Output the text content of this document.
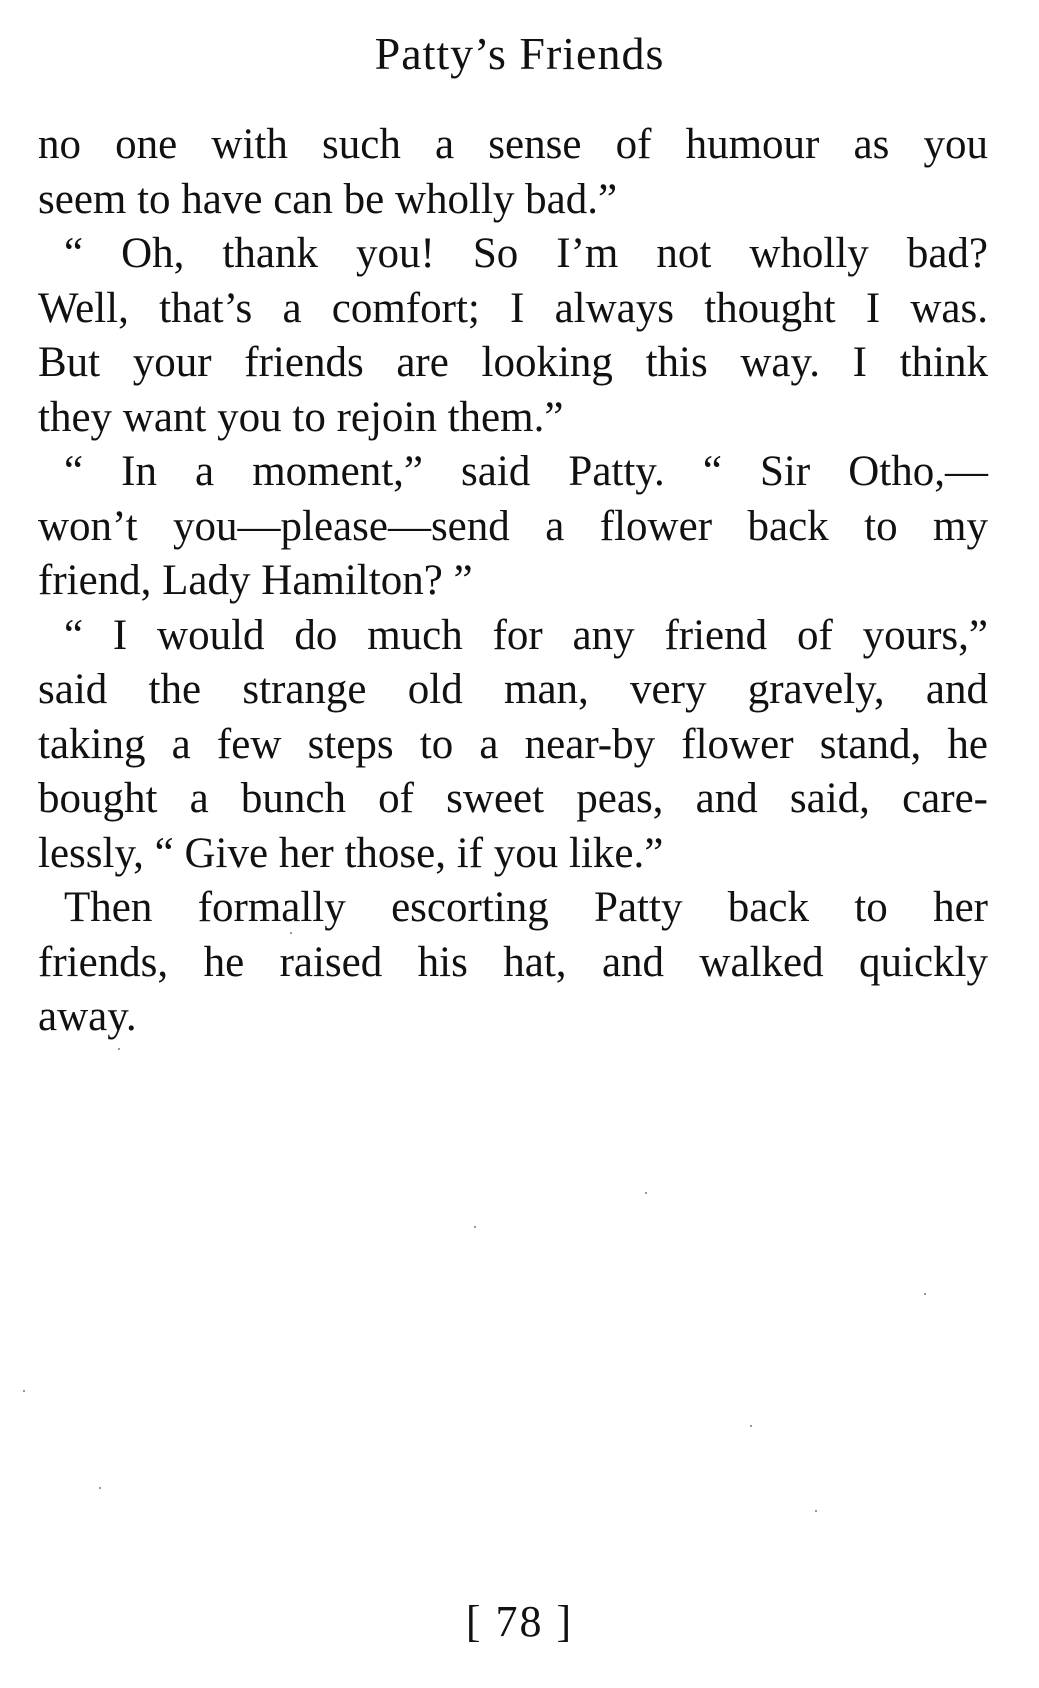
Patty’s Friends
no one with such a sense of humour as you
seem to have can be wholly bad.”
“ Oh, thank you! So I’m not wholly bad?
Well, that’s a comfort; I always thought I was.
But your friends are looking this way. I think
they want you to rejoin them.”
“ In a moment,” said Patty. “ Sir Otho,—
won’t you—please—send a flower back to my
friend, Lady Hamilton? ”
“ I would do much for any friend of yours,”
said the strange old man, very gravely, and
taking a few steps to a near-by flower stand, he
bought a bunch of sweet peas, and said, care-
lessly, “ Give her those, if you like.”
Then formally escorting Patty back to her
friends, he raised his hat, and walked quickly
away.
[ 78 ]
